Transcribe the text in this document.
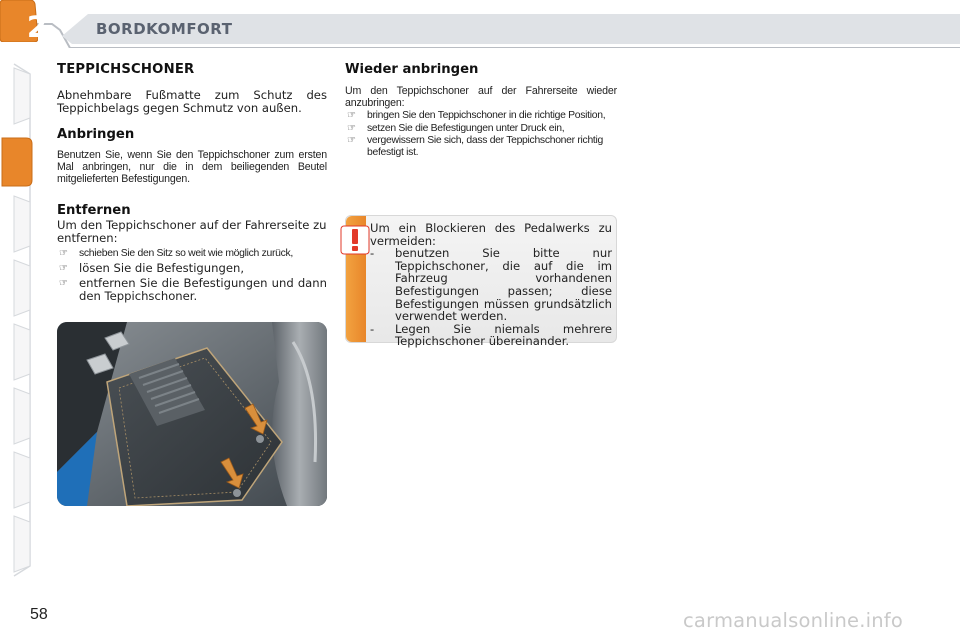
2	BORDKOMFORT
TEPPICHSCHONER

Abnehmbare Fußmatte zum Schutz des Teppichbelags gegen Schmutz von außen.

Anbringen

Benutzen Sie, wenn Sie den Teppichschoner zum ersten Mal anbringen, nur die in dem beiliegenden Beutel mitgelieferten Befestigungen.

Entfernen

Um den Teppichschoner auf der Fahrerseite zu entfernen:

☞ schieben Sie den Sitz so weit wie möglich zurück,
☞ lösen Sie die Befestigungen,
☞ entfernen Sie die Befestigungen und dann den Teppichschoner.
Wieder anbringen

Um den Teppichschoner auf der Fahrerseite wieder anzubringen:

☞ bringen Sie den Teppichschoner in die richtige Position,
☞ setzen Sie die Befestigungen unter Druck ein,
☞ vergewissern Sie sich, dass der Teppichschoner richtig befestigt ist.

Um ein Blockieren des Pedalwerks zu vermeiden:

- benutzen Sie bitte nur Teppichschoner, die auf die im Fahrzeug vorhandenen Befestigungen passen; diese Befestigungen müssen grundsätzlich verwendet werden.
- Legen Sie niemals mehrere Teppichschoner übereinander.
58	carmanualsonline.info
